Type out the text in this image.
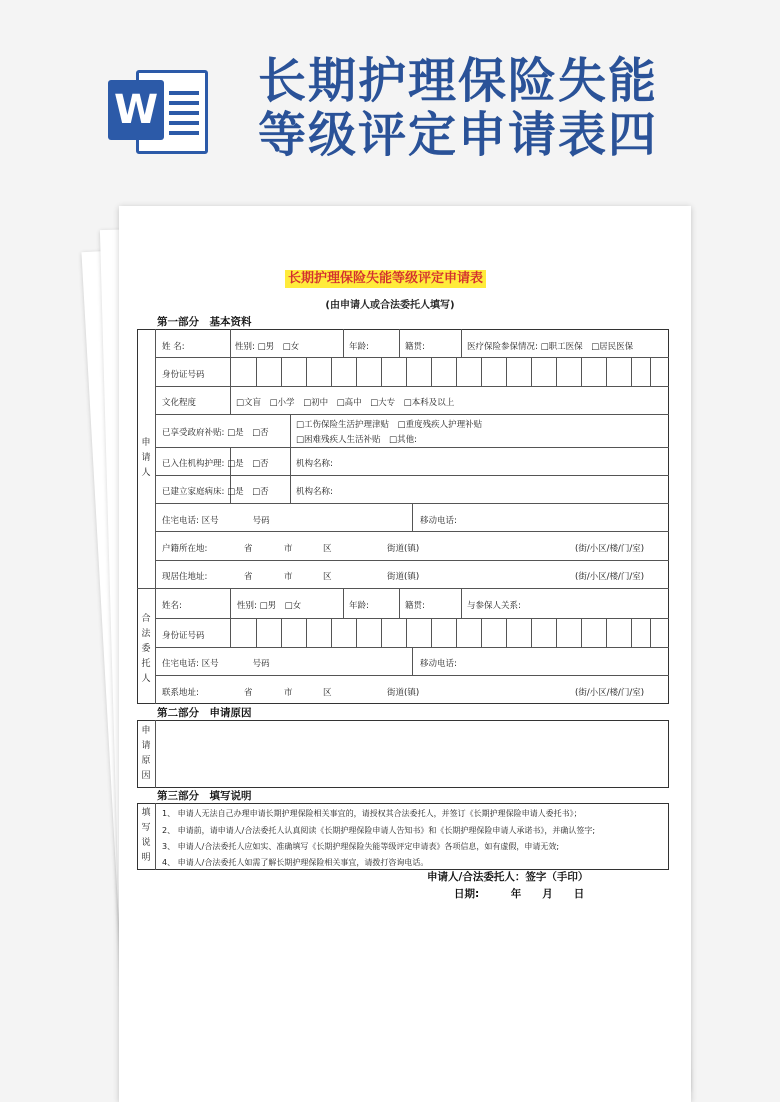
W
长期护理保险失能
等级评定申请表四
长期护理保险失能等级评定申请表
(由申请人或合法委托人填写)
第一部分　基本资料
申请人
合法委托人
姓 名:	性别: □男　□女	年龄:	籍贯:	医疗保险参保情况: □职工医保　□居民医保
身份证号码
文化程度	□文盲　□小学　□初中　□高中　□大专　□本科及以上
已享受政府补贴: □是　□否
□工伤保险生活护理津贴　□重度残疾人护理补贴
□困难残疾人生活补贴　□其他:
已入住机构护理: □是　□否	机构名称:
已建立家庭病床: □是　□否	机构名称:
住宅电话: 区号　　　　号码	移动电话:
户籍所在地:	省	市	区	街道(镇)	(街/小区/楼/门/室)
现居住地址:	省	市	区	街道(镇)	(街/小区/楼/门/室)
姓名:	性别: □男　□女	年龄:	籍贯:	与参保人关系:
身份证号码
住宅电话: 区号　　　　号码	移动电话:
联系地址:	省	市	区	街道(镇)	(街/小区/楼/门/室)
第二部分　申请原因
申请原因
第三部分　填写说明
填写说明
1、 申请人无法自己办理申请长期护理保险相关事宜的，请授权其合法委托人，并签订《长期护理保险申请人委托书》；
2、 申请前，请申请人/合法委托人认真阅读《长期护理保险申请人告知书》和《长期护理保险申请人承诺书》，并确认签字;
3、 申请人/合法委托人应如实、准确填写《长期护理保险失能等级评定申请表》各项信息，如有虚假，申请无效;
4、 申请人/合法委托人如需了解长期护理保险相关事宜，请拨打咨询电话。
申请人/合法委托人：签字（手印）
日期:　　　年　　月　　日
